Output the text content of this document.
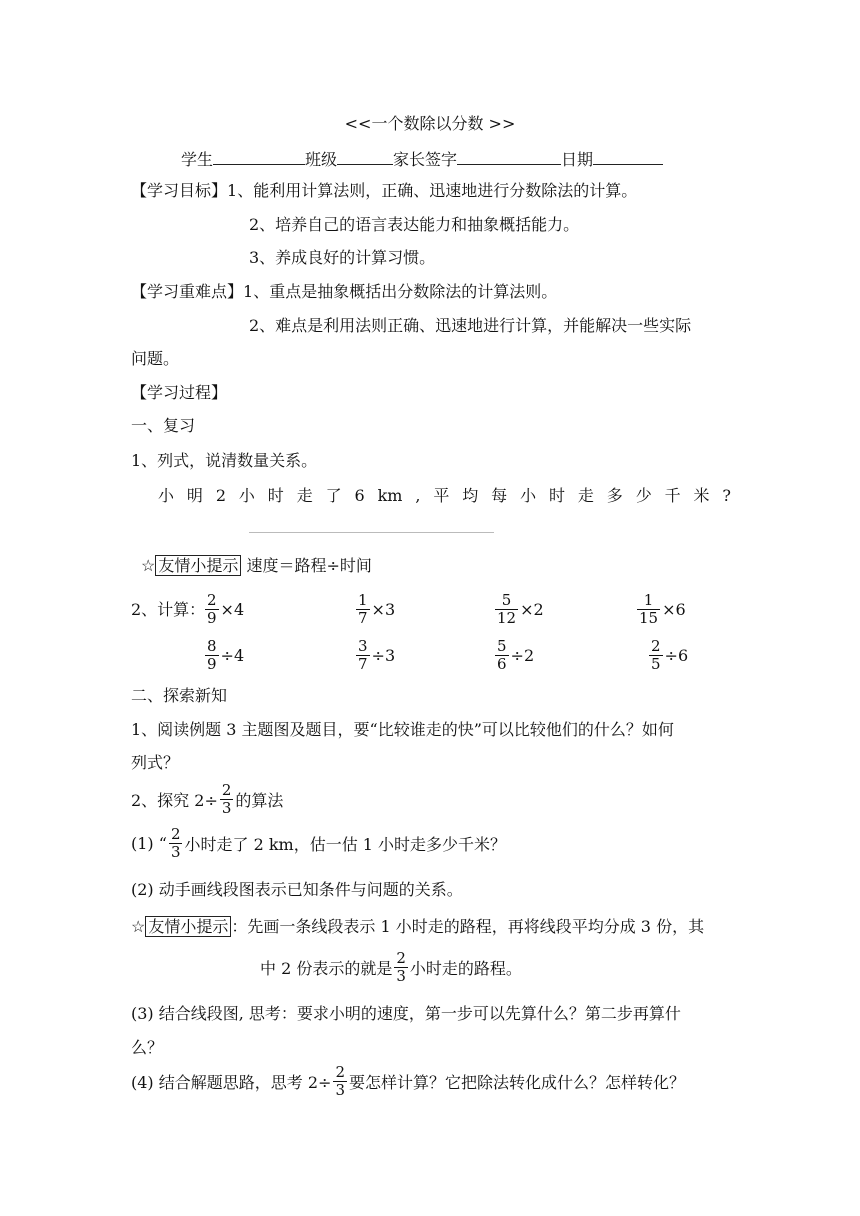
<<一个数除以分数 >>
学生	班级	家长签字	日期
【学习目标】1、能利用计算法则，正确、迅速地进行分数除法的计算。
2、培养自己的语言表达能力和抽象概括能力。
3、养成良好的计算习惯。
【学习重难点】1、重点是抽象概括出分数除法的计算法则。
2、难点是利用法则正确、迅速地进行计算，并能解决一些实际
问题。
【学习过程】
一、复习
1、列式，说清数量关系。
小 明 2 小 时 走 了 6 km , 平 均 每 小 时 走 多 少 千 米 ?
☆ 友情小提示 速度＝路程÷时间
2、计算： $\frac{2}{9} \times 4$	$\frac{1}{7} \times 3$	$\frac{5}{12} \times 2$	$\frac{1}{15} \times 6$
$\frac{8}{9} \div 4$	$\frac{3}{7} \div 3$	$\frac{5}{6} \div 2$	$\frac{2}{5} \div 6$
二、探索新知
1、阅读例题 3 主题图及题目，要“比较谁走的快”可以比较他们的什么？如何
列式？
2、探究 $2\div \frac{2}{3}$ 的算法
(1) “ $\frac{2}{3}$ 小时走了 2 km，估一估 1 小时走多少千米？
(2) 动手画线段图表示已知条件与问题的关系。
☆ 友情小提示 ：先画一条线段表示 1 小时走的路程，再将线段平均分成 3 份，其
中 2 份表示的就是 $\frac{2}{3}$ 小时走的路程。
(3) 结合线段图, 思考：要求小明的速度，第一步可以先算什么？第二步再算什
么？
(4) 结合解题思路，思考 $2\div \frac{2}{3}$ 要怎样计算？它把除法转化成什么？怎样转化？
